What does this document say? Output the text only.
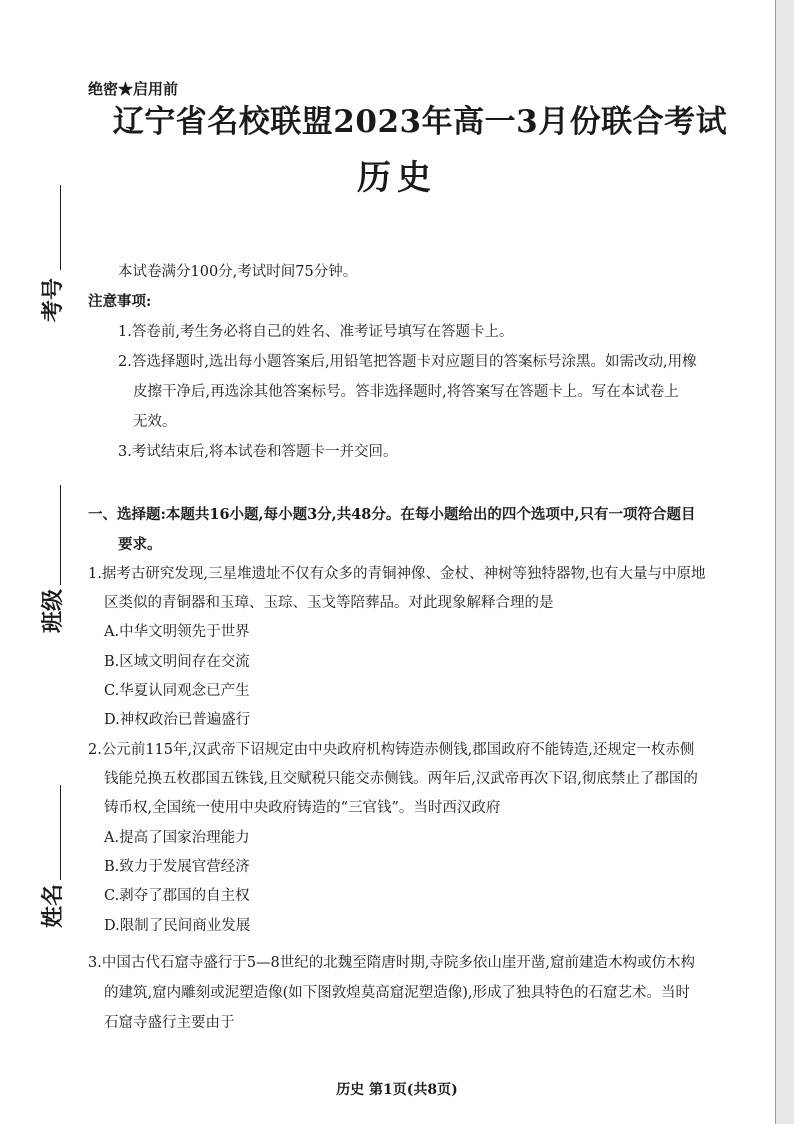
绝密★启用前
辽宁省名校联盟2023年高一3月份联合考试
历史
考号
班级
姓名
本试卷满分100分,考试时间75分钟。
注意事项:
1.答卷前,考生务必将自己的姓名、准考证号填写在答题卡上。
2.答选择题时,选出每小题答案后,用铅笔把答题卡对应题目的答案标号涂黑。如需改动,用橡
皮擦干净后,再选涂其他答案标号。答非选择题时,将答案写在答题卡上。写在本试卷上
无效。
3.考试结束后,将本试卷和答题卡一并交回。
一、选择题:本题共16小题,每小题3分,共48分。在每小题给出的四个选项中,只有一项符合题目
要求。
1.据考古研究发现,三星堆遗址不仅有众多的青铜神像、金杖、神树等独特器物,也有大量与中原地
区类似的青铜器和玉璋、玉琮、玉戈等陪葬品。对此现象解释合理的是
A.中华文明领先于世界
B.区域文明间存在交流
C.华夏认同观念已产生
D.神权政治已普遍盛行
2.公元前115年,汉武帝下诏规定由中央政府机构铸造赤侧钱,郡国政府不能铸造,还规定一枚赤侧
钱能兑换五枚郡国五铢钱,且交赋税只能交赤侧钱。两年后,汉武帝再次下诏,彻底禁止了郡国的
铸币权,全国统一使用中央政府铸造的“三官钱”。当时西汉政府
A.提高了国家治理能力
B.致力于发展官营经济
C.剥夺了郡国的自主权
D.限制了民间商业发展
3.中国古代石窟寺盛行于5—8世纪的北魏至隋唐时期,寺院多依山崖开凿,窟前建造木构或仿木构
的建筑,窟内雕刻或泥塑造像(如下图敦煌莫高窟泥塑造像),形成了独具特色的石窟艺术。当时
石窟寺盛行主要由于
历史 第1页(共8页)
